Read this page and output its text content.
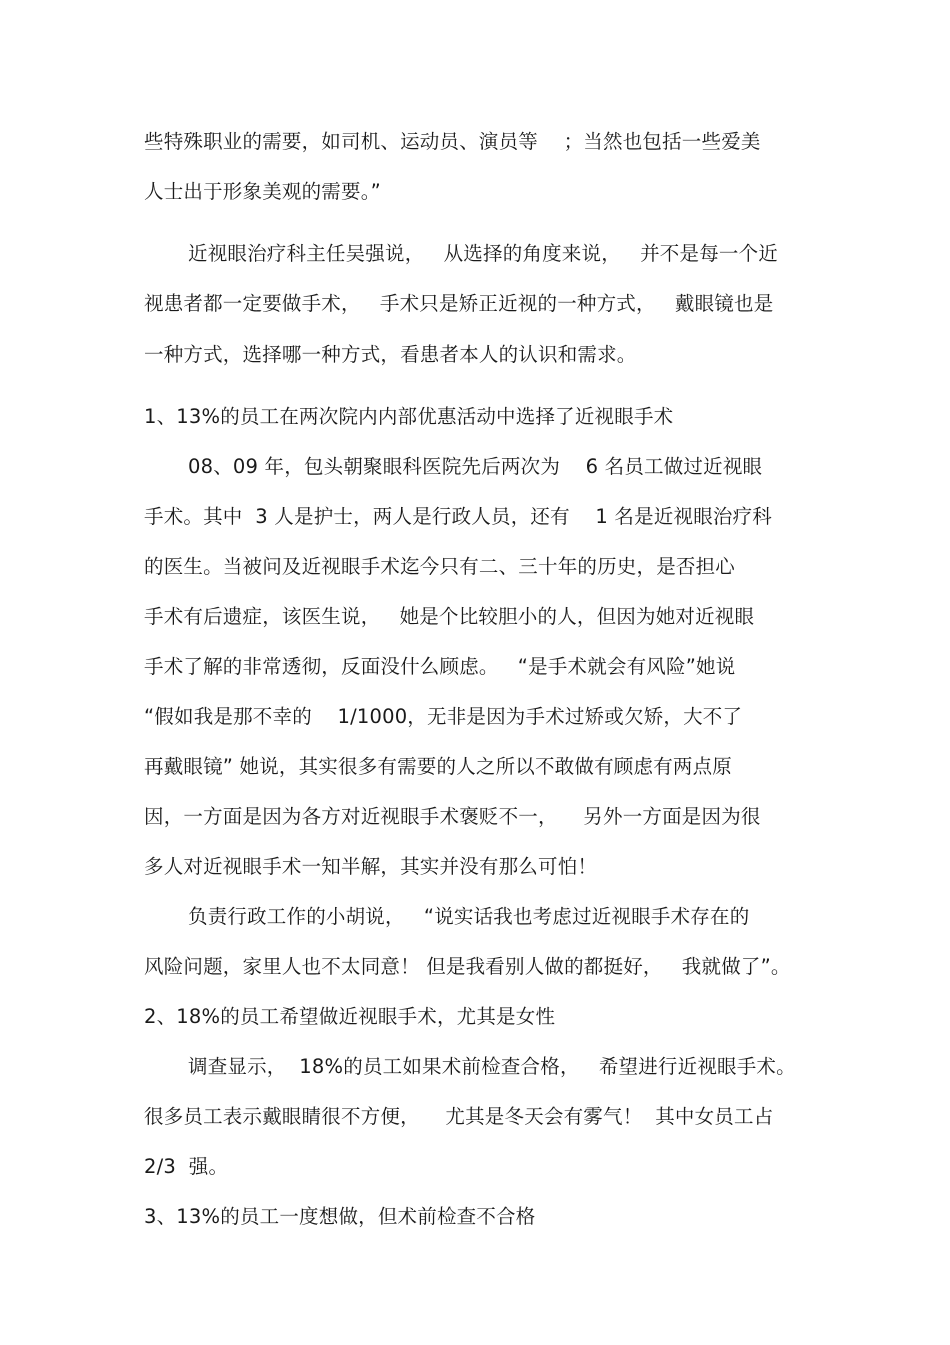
些特殊职业的需要，如司机、运动员、演员等    ；当然也包括一些爱美
人士出于形象美观的需要。”
近视眼治疗科主任吴强说，   从选择的角度来说，   并不是每一个近
视患者都一定要做手术，   手术只是矫正近视的一种方式，   戴眼镜也是
一种方式，选择哪一种方式，看患者本人的认识和需求。
1、13%的员工在两次院内内部优惠活动中选择了近视眼手术
08、09 年，包头朝聚眼科医院先后两次为    6 名员工做过近视眼
手术。其中  3 人是护士，两人是行政人员，还有    1 名是近视眼治疗科
的医生。当被问及近视眼手术迄今只有二、三十年的历史，是否担心
手术有后遗症，该医生说，   她是个比较胆小的人，但因为她对近视眼
手术了解的非常透彻，反面没什么顾虑。   “是手术就会有风险”她说
“假如我是那不幸的    1/1000，无非是因为手术过矫或欠矫，大不了
再戴眼镜” 她说，其实很多有需要的人之所以不敢做有顾虑有两点原
因，一方面是因为各方对近视眼手术褒贬不一，    另外一方面是因为很
多人对近视眼手术一知半解，其实并没有那么可怕！
负责行政工作的小胡说，   “说实话我也考虑过近视眼手术存在的
风险问题，家里人也不太同意！ 但是我看别人做的都挺好，   我就做了”。
2、18%的员工希望做近视眼手术，尤其是女性
调查显示，  18%的员工如果术前检查合格，   希望进行近视眼手术。
很多员工表示戴眼睛很不方便，    尤其是冬天会有雾气！  其中女员工占
2/3  强。
3、13%的员工一度想做，但术前检查不合格
